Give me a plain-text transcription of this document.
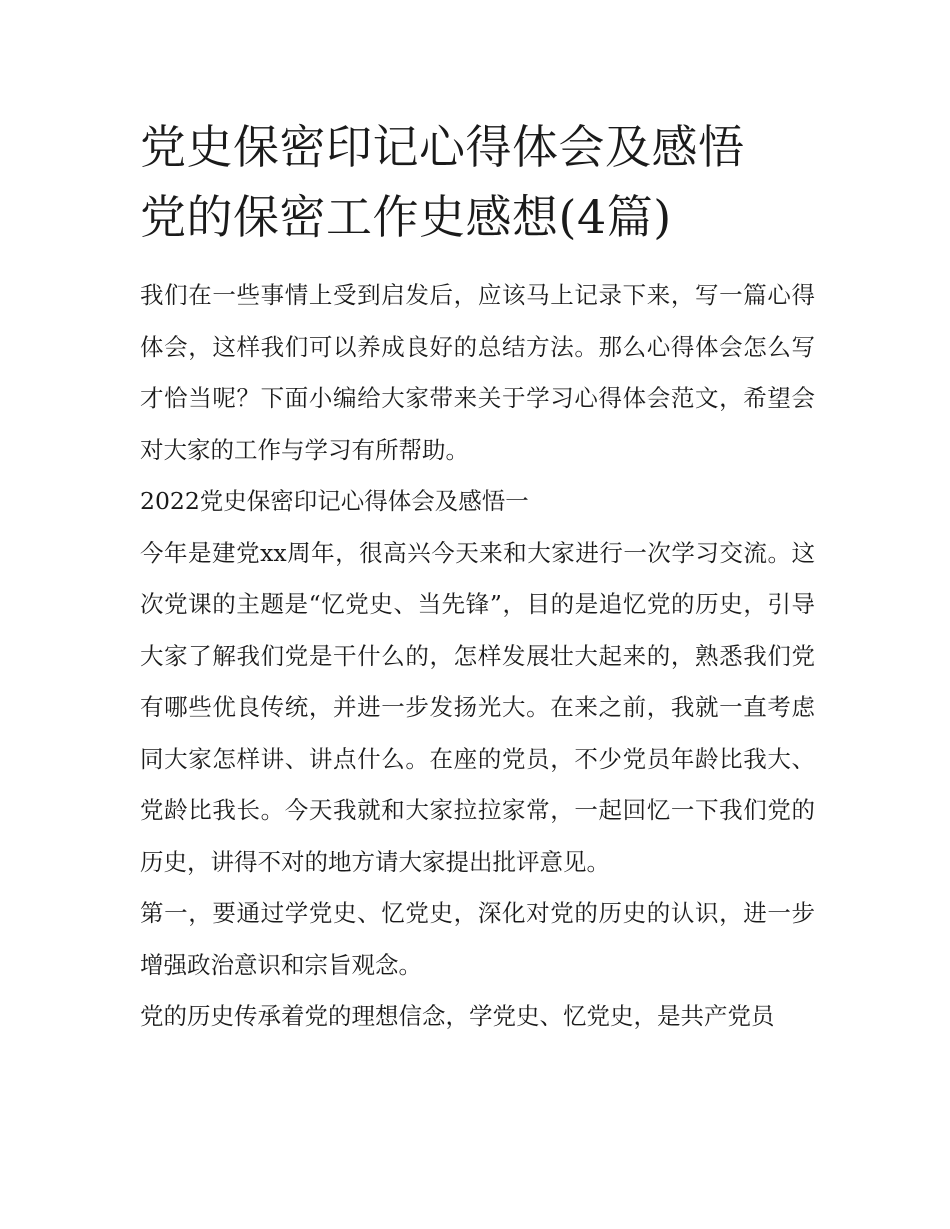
党史保密印记心得体会及感悟
党的保密工作史感想(4篇)

我们在一些事情上受到启发后，应该马上记录下来，写一篇心得体会，这样我们可以养成良好的总结方法。那么心得体会怎么写才恰当呢？下面小编给大家带来关于学习心得体会范文，希望会对大家的工作与学习有所帮助。

2022党史保密印记心得体会及感悟一

今年是建党xx周年，很高兴今天来和大家进行一次学习交流。这次党课的主题是“忆党史、当先锋”，目的是追忆党的历史，引导大家了解我们党是干什么的，怎样发展壮大起来的，熟悉我们党有哪些优良传统，并进一步发扬光大。在来之前，我就一直考虑同大家怎样讲、讲点什么。在座的党员，不少党员年龄比我大、党龄比我长。今天我就和大家拉拉家常，一起回忆一下我们党的历史，讲得不对的地方请大家提出批评意见。

第一，要通过学党史、忆党史，深化对党的历史的认识，进一步增强政治意识和宗旨观念。

党的历史传承着党的理想信念，学党史、忆党史，是共产党员
